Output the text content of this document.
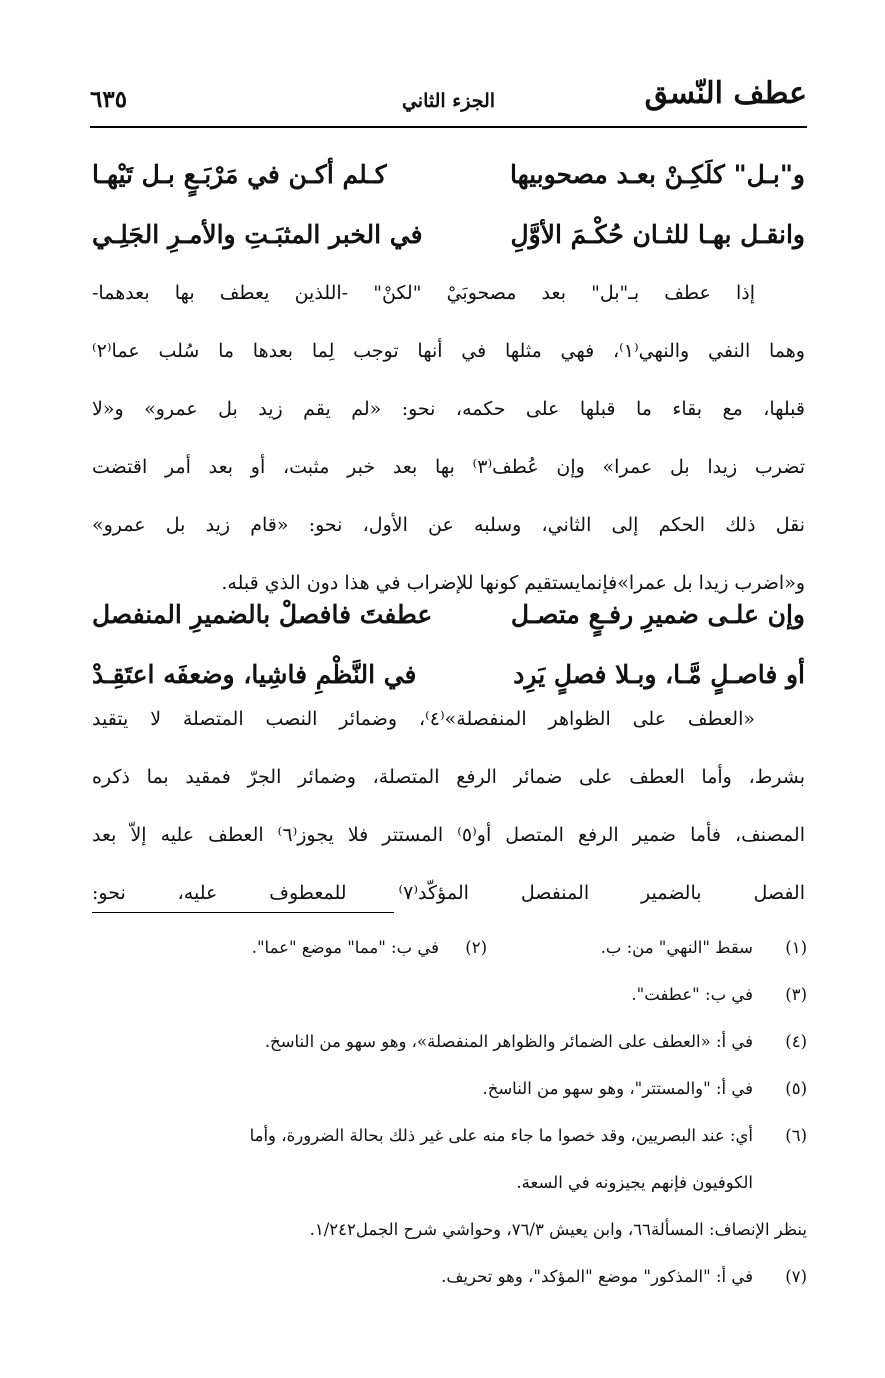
عطف النّسق
الجزء الثاني
٦٣٥
و"بـل" كلَكِـنْ بعـد مصحوبيها
كـلم أكـن في مَرْبَـعٍ بـل تَيْهـا
وانقـل بهـا للثـان حُكْـمَ الأوَّلِ
في الخبر المثبَـتِ والأمـرِ الجَلِـي
إذا عطف بـ"بل" بعد مصحوبَيْ "لكنْ" -اللذين يعطف بها بعدهما-
وهما النفي والنهي⁽١⁾، فهي مثلها في أنها توجب لِما بعدها ما سُلب عما⁽٢⁾
قبلها، مع بقاء ما قبلها على حكمه، نحو: «لم يقم زيد بل عمرو» و«لا
تضرب زيدا بل عمرا» وإن عُطف⁽٣⁾ بها بعد خبر مثبت، أو بعد أمر اقتضت
نقل ذلك الحكم إلى الثاني، وسلبه عن الأول، نحو: «قام زيد بل عمرو»
و«اضرب زيدا بل عمرا»فإنمايستقيم كونها للإضراب في هذا دون الذي قبله.
وإن علـى ضميرِ رفـعٍ متصـل
عطفتَ فافصلْ بالضميرِ المنفصل
أو فاصـلٍ مَّـا، وبـلا فصلٍ يَرِد
في النَّظْمِ فاشِيا، وضعفَه اعتَقِـدْ
«العطف على الظواهر المنفصلة»⁽٤⁾، وضمائر النصب المتصلة لا يتقيد
بشرط، وأما العطف على ضمائر الرفع المتصلة، وضمائر الجرّ فمقيد بما ذكره
المصنف، فأما ضمير الرفع المتصل أو⁽٥⁾ المستتر فلا يجوز⁽٦⁾ العطف عليه إلاّ بعد
الفصل بالضمير المنفصل المؤكّد⁽٧⁾ للمعطوف عليه، نحو:
(١)
سقط "النهي" من: ب.
(٢)     في ب: "مما" موضع "عما".
(٣)
في ب: "عطفت".
(٤)
في أ: «العطف على الضمائر والظواهر المنفصلة»، وهو سهو من الناسخ.
(٥)
في أ: "والمستتر"، وهو سهو من الناسخ.
(٦)
أي: عند البصريين، وقد خصوا ما جاء منه على غير ذلك بحالة الضرورة، وأما
الكوفيون فإنهم يجيزونه في السعة.
ينظر الإنصاف: المسألة٦٦، وابن يعيش ٧٦/٣، وحواشي شرح الجمل١/٢٤٢.
(٧)
في أ: "المذكور" موضع "المؤكد"، وهو تحريف.
